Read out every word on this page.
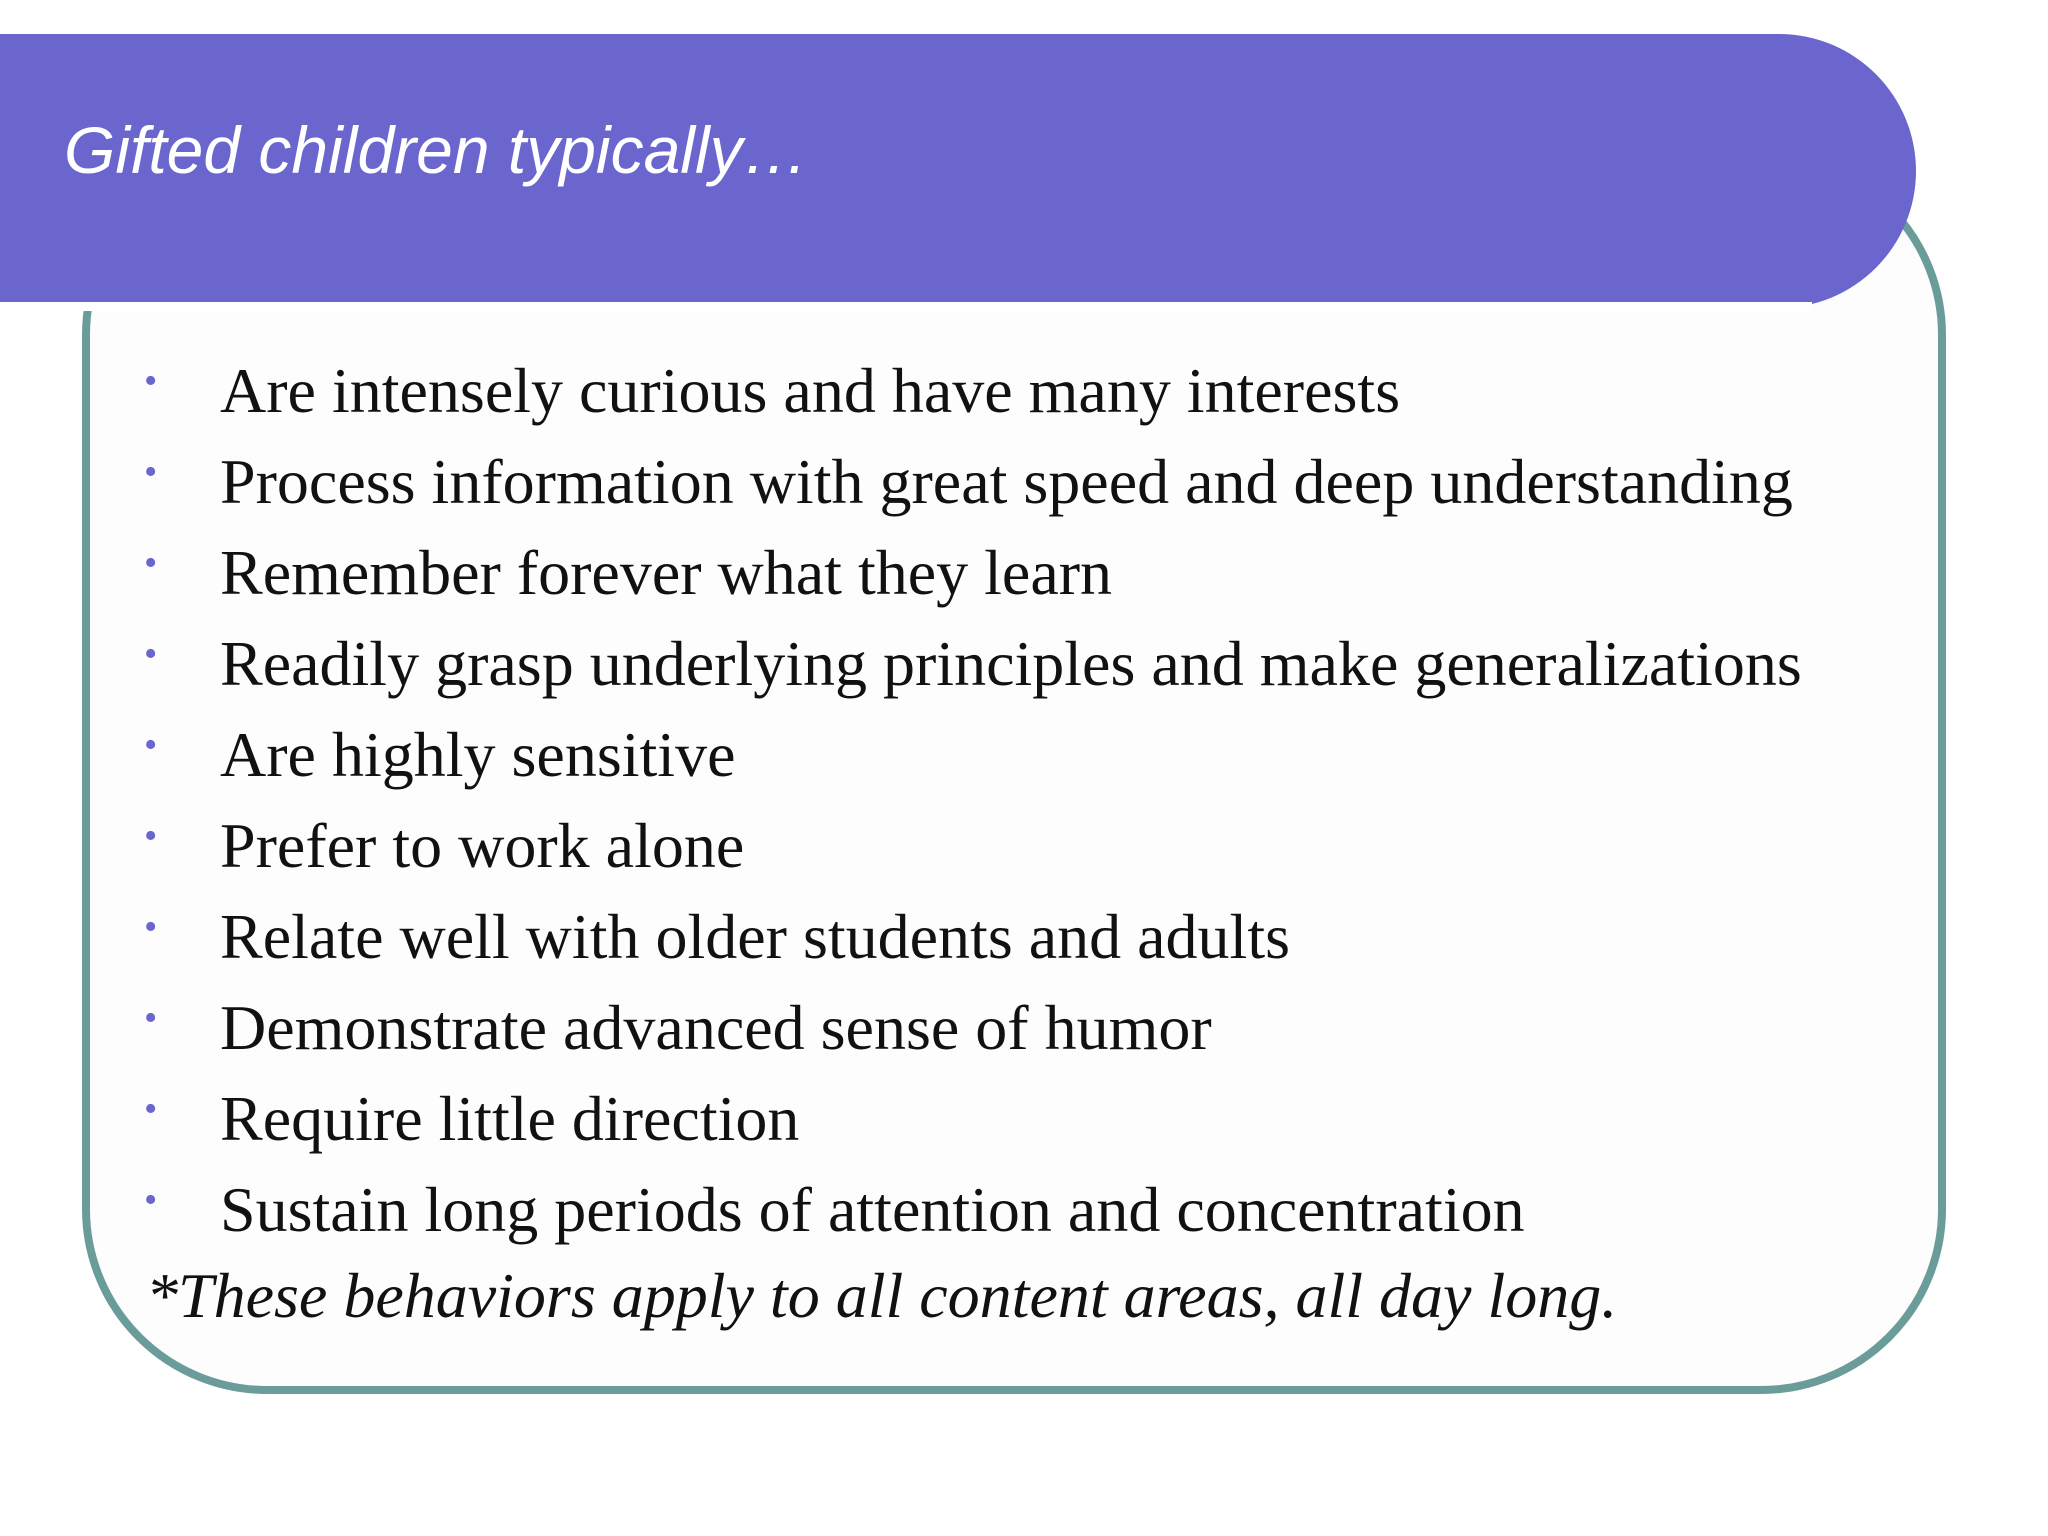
Gifted children typically…
• Are intensely curious and have many interests
• Process information with great speed and deep understanding
• Remember forever what they learn
• Readily grasp underlying principles and make generalizations
• Are highly sensitive
• Prefer to work alone
• Relate well with older students and adults
• Demonstrate advanced sense of humor
• Require little direction
• Sustain long periods of attention and concentration

*These behaviors apply to all content areas, all day long.
